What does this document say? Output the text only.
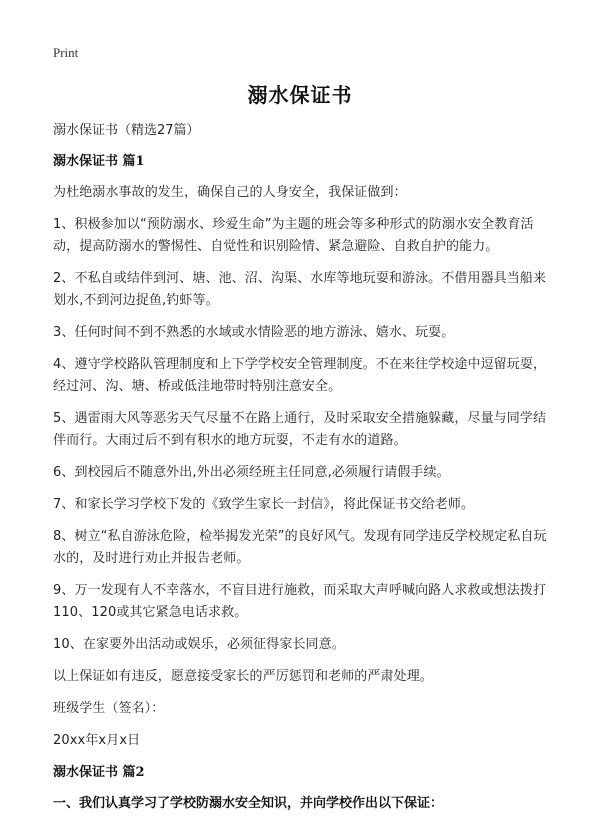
Print
溺水保证书

溺水保证书（精选27篇）

溺水保证书 篇1

为杜绝溺水事故的发生，确保自己的人身安全，我保证做到：

1、积极参加以“预防溺水、珍爱生命”为主题的班会等多种形式的防溺水安全教育活动，提高防溺水的警惕性、自觉性和识别险情、紧急避险、自救自护的能力。

2、不私自或结伴到河、塘、池、沼、沟渠、水库等地玩耍和游泳。不借用器具当船来划水,不到河边捉鱼,钓虾等。

3、任何时间不到不熟悉的水域或水情险恶的地方游泳、嬉水、玩耍。

4、遵守学校路队管理制度和上下学学校安全管理制度。不在来往学校途中逗留玩耍，经过河、沟、塘、桥或低洼地带时特别注意安全。

5、遇雷雨大风等恶劣天气尽量不在路上通行，及时采取安全措施躲藏，尽量与同学结伴而行。大雨过后不到有积水的地方玩耍，不走有水的道路。

6、到校园后不随意外出,外出必须经班主任同意,必须履行请假手续。

7、和家长学习学校下发的《致学生家长一封信》，将此保证书交给老师。

8、树立“私自游泳危险，检举揭发光荣”的良好风气。发现有同学违反学校规定私自玩水的，及时进行劝止并报告老师。

9、万一发现有人不幸落水，不盲目进行施救，而采取大声呼喊向路人求救或想法拨打110、120或其它紧急电话求救。

10、在家要外出活动或娱乐，必须征得家长同意。

以上保证如有违反，愿意接受家长的严厉惩罚和老师的严肃处理。

班级学生（签名）：

20xx年x月x日

溺水保证书 篇2

一、我们认真学习了学校防溺水安全知识，并向学校作出以下保证：
